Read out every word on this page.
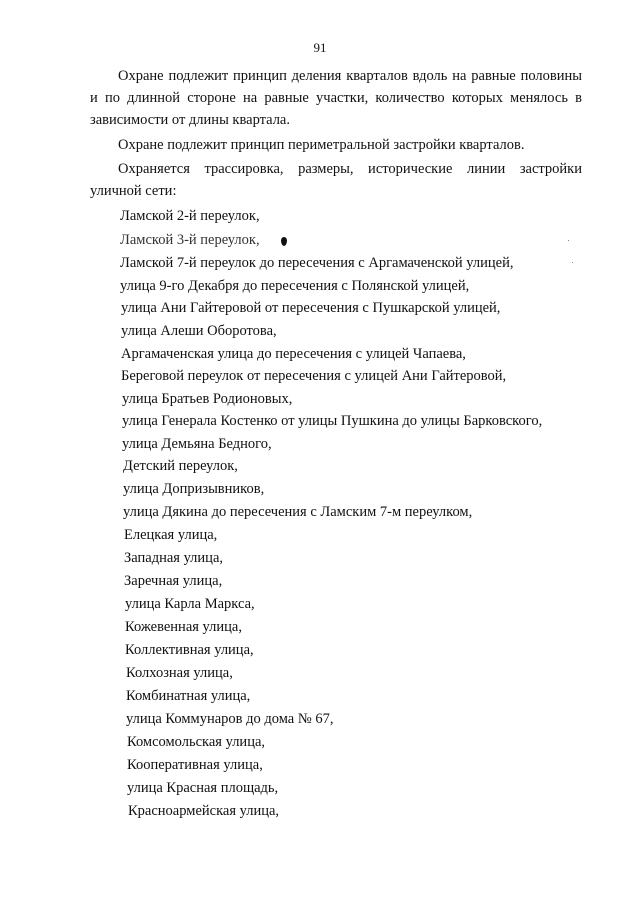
91

Охране подлежит принцип деления кварталов вдоль на равные половины и по длинной стороне на равные участки, количество которых менялось в зависимости от длины квартала.

Охране подлежит принцип периметральной застройки кварталов.

Охраняется трассировка, размеры, исторические линии застройки уличной сети:

Ламской 2-й переулок,
Ламской 3-й переулок,
Ламской 7-й переулок до пересечения с Аргамаченской улицей,
улица 9-го Декабря до пересечения с Полянской улицей,
улица Ани Гайтеровой от пересечения с Пушкарской улицей,
улица Алеши Оборотова,
Аргамаченская улица до пересечения с улицей Чапаева,
Береговой переулок от пересечения с улицей Ани Гайтеровой,
улица Братьев Родионовых,
улица Генерала Костенко от улицы Пушкина до улицы Барковского,
улица Демьяна Бедного,
Детский переулок,
улица Допризывников,
улица Дякина до пересечения с Ламским 7-м переулком,
Елецкая улица,
Западная улица,
Заречная улица,
улица Карла Маркса,
Кожевенная улица,
Коллективная улица,
Колхозная улица,
Комбинатная улица,
улица Коммунаров до дома № 67,
Комсомольская улица,
Кооперативная улица,
улица Красная площадь,
Красноармейская улица,
